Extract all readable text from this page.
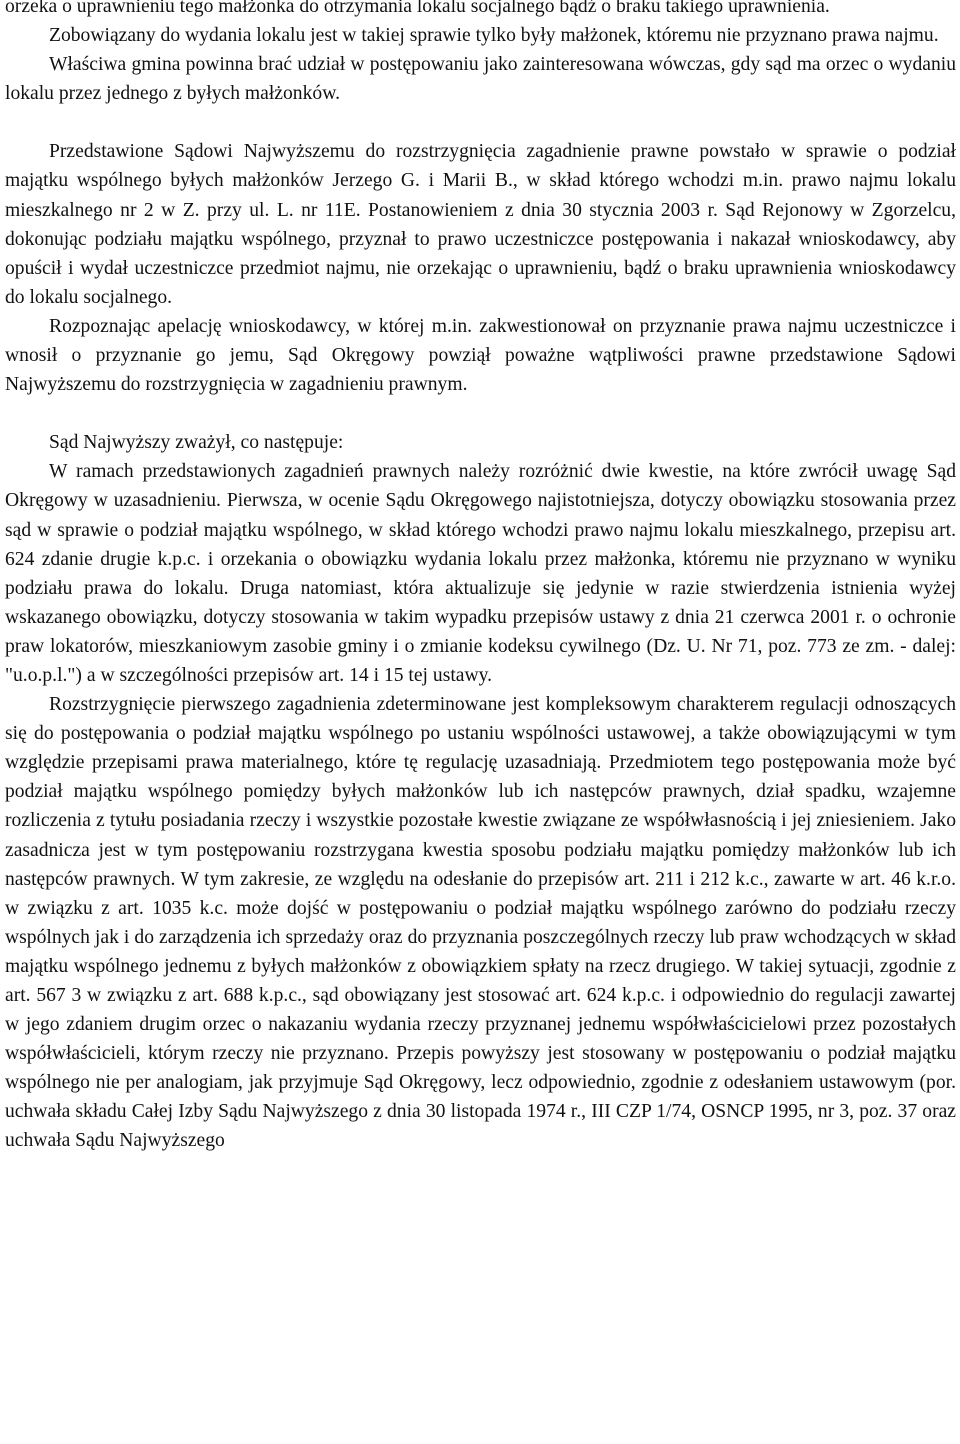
orzeka o uprawnieniu tego małżonka do otrzymania lokalu socjalnego bądź o braku takiego uprawnienia.

Zobowiązany do wydania lokalu jest w takiej sprawie tylko były małżonek, któremu nie przyznano prawa najmu.

Właściwa gmina powinna brać udział w postępowaniu jako zainteresowana wówczas, gdy sąd ma orzec o wydaniu lokalu przez jednego z byłych małżonków.

Przedstawione Sądowi Najwyższemu do rozstrzygnięcia zagadnienie prawne powstało w sprawie o podział majątku wspólnego byłych małżonków Jerzego G. i Marii B., w skład którego wchodzi m.in. prawo najmu lokalu mieszkalnego nr 2 w Z. przy ul. L. nr 11E. Postanowieniem z dnia 30 stycznia 2003 r. Sąd Rejonowy w Zgorzelcu, dokonując podziału majątku wspólnego, przyznał to prawo uczestniczce postępowania i nakazał wnioskodawcy, aby opuścił i wydał uczestniczce przedmiot najmu, nie orzekając o uprawnieniu, bądź o braku uprawnienia wnioskodawcy do lokalu socjalnego.

Rozpoznając apelację wnioskodawcy, w której m.in. zakwestionował on przyznanie prawa najmu uczestniczce i wnosił o przyznanie go jemu, Sąd Okręgowy powziął poważne wątpliwości prawne przedstawione Sądowi Najwyższemu do rozstrzygnięcia w zagadnieniu prawnym.

Sąd Najwyższy zważył, co następuje:

W ramach przedstawionych zagadnień prawnych należy rozróżnić dwie kwestie, na które zwrócił uwagę Sąd Okręgowy w uzasadnieniu. Pierwsza, w ocenie Sądu Okręgowego najistotniejsza, dotyczy obowiązku stosowania przez sąd w sprawie o podział majątku wspólnego, w skład którego wchodzi prawo najmu lokalu mieszkalnego, przepisu art. 624 zdanie drugie k.p.c. i orzekania o obowiązku wydania lokalu przez małżonka, któremu nie przyznano w wyniku podziału prawa do lokalu. Druga natomiast, która aktualizuje się jedynie w razie stwierdzenia istnienia wyżej wskazanego obowiązku, dotyczy stosowania w takim wypadku przepisów ustawy z dnia 21 czerwca 2001 r. o ochronie praw lokatorów, mieszkaniowym zasobie gminy i o zmianie kodeksu cywilnego (Dz. U. Nr 71, poz. 773 ze zm. - dalej: "u.o.p.l.") a w szczególności przepisów art. 14 i 15 tej ustawy.

Rozstrzygnięcie pierwszego zagadnienia zdeterminowane jest kompleksowym charakterem regulacji odnoszących się do postępowania o podział majątku wspólnego po ustaniu wspólności ustawowej, a także obowiązującymi w tym względzie przepisami prawa materialnego, które tę regulację uzasadniają. Przedmiotem tego postępowania może być podział majątku wspólnego pomiędzy byłych małżonków lub ich następców prawnych, dział spadku, wzajemne rozliczenia z tytułu posiadania rzeczy i wszystkie pozostałe kwestie związane ze współwłasnością i jej zniesieniem. Jako zasadnicza jest w tym postępowaniu rozstrzygana kwestia sposobu podziału majątku pomiędzy małżonków lub ich następców prawnych. W tym zakresie, ze względu na odesłanie do przepisów art. 211 i 212 k.c., zawarte w art. 46 k.r.o. w związku z art. 1035 k.c. może dojść w postępowaniu o podział majątku wspólnego zarówno do podziału rzeczy wspólnych jak i do zarządzenia ich sprzedaży oraz do przyznania poszczególnych rzeczy lub praw wchodzących w skład majątku wspólnego jednemu z byłych małżonków z obowiązkiem spłaty na rzecz drugiego. W takiej sytuacji, zgodnie z art. 567 3 w związku z art. 688 k.p.c., sąd obowiązany jest stosować art. 624 k.p.c. i odpowiednio do regulacji zawartej w jego zdaniem drugim orzec o nakazaniu wydania rzeczy przyznanej jednemu współwłaścicielowi przez pozostałych współwłaścicieli, którym rzeczy nie przyznano. Przepis powyższy jest stosowany w postępowaniu o podział majątku wspólnego nie per analogiam, jak przyjmuje Sąd Okręgowy, lecz odpowiednio, zgodnie z odesłaniem ustawowym (por. uchwała składu Całej Izby Sądu Najwyższego z dnia 30 listopada 1974 r., III CZP 1/74, OSNCP 1995, nr 3, poz. 37 oraz uchwała Sądu Najwyższego
